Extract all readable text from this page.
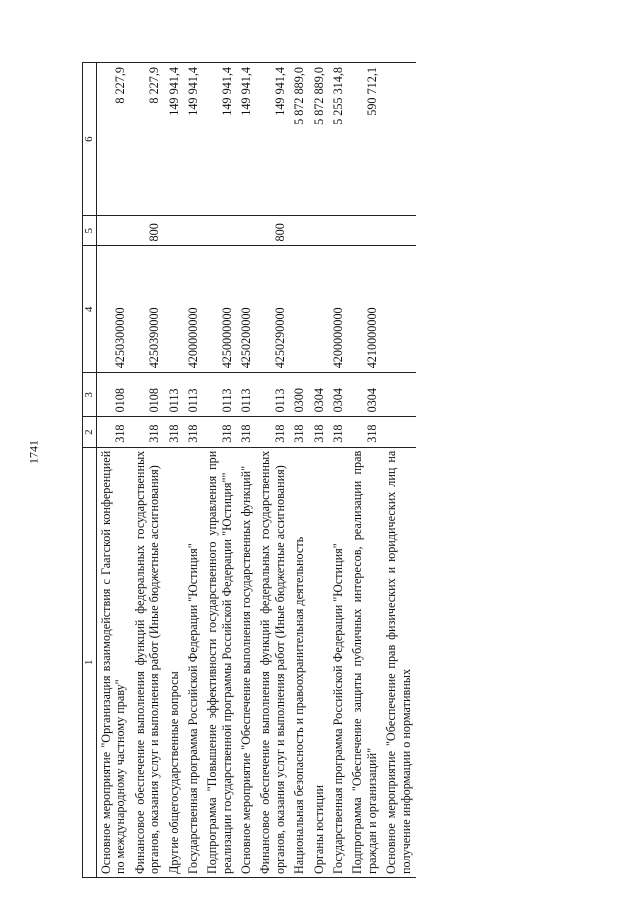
1741
1	2	3	4	5	6
Основное мероприятие "Организация взаимодействия с Гаагской конференцией по международному частному праву"	318	0108	4250300000		8 227,9
Финансовое обеспечение выполнения функций федеральных государственных органов, оказания услуг и выполнения работ (Иные бюджетные ассигнования)	318	0108	4250390000	800	8 227,9
Другие общегосударственные вопросы	318	0113			149 941,4
Государственная программа Российской Федерации "Юстиция"	318	0113	4200000000		149 941,4
Подпрограмма "Повышение эффективности государственного управления при реализации государственной программы Российской Федерации "Юстиция""	318	0113	4250000000		149 941,4
Основное мероприятие "Обеспечение выполнения государственных функций"	318	0113	4250200000		149 941,4
Финансовое обеспечение выполнения функций федеральных государственных органов, оказания услуг и выполнения работ (Иные бюджетные ассигнования)	318	0113	4250290000	800	149 941,4
Национальная безопасность и правоохранительная деятельность	318	0300			5 872 889,0
Органы юстиции	318	0304			5 872 889,0
Государственная программа Российской Федерации "Юстиция"	318	0304	4200000000		5 255 314,8
Подпрограмма "Обеспечение защиты публичных интересов, реализации прав граждан и организаций"	318	0304	4210000000		590 712,1
Основное мероприятие "Обеспечение прав физических и юридических лиц на получение информации о нормативных					
